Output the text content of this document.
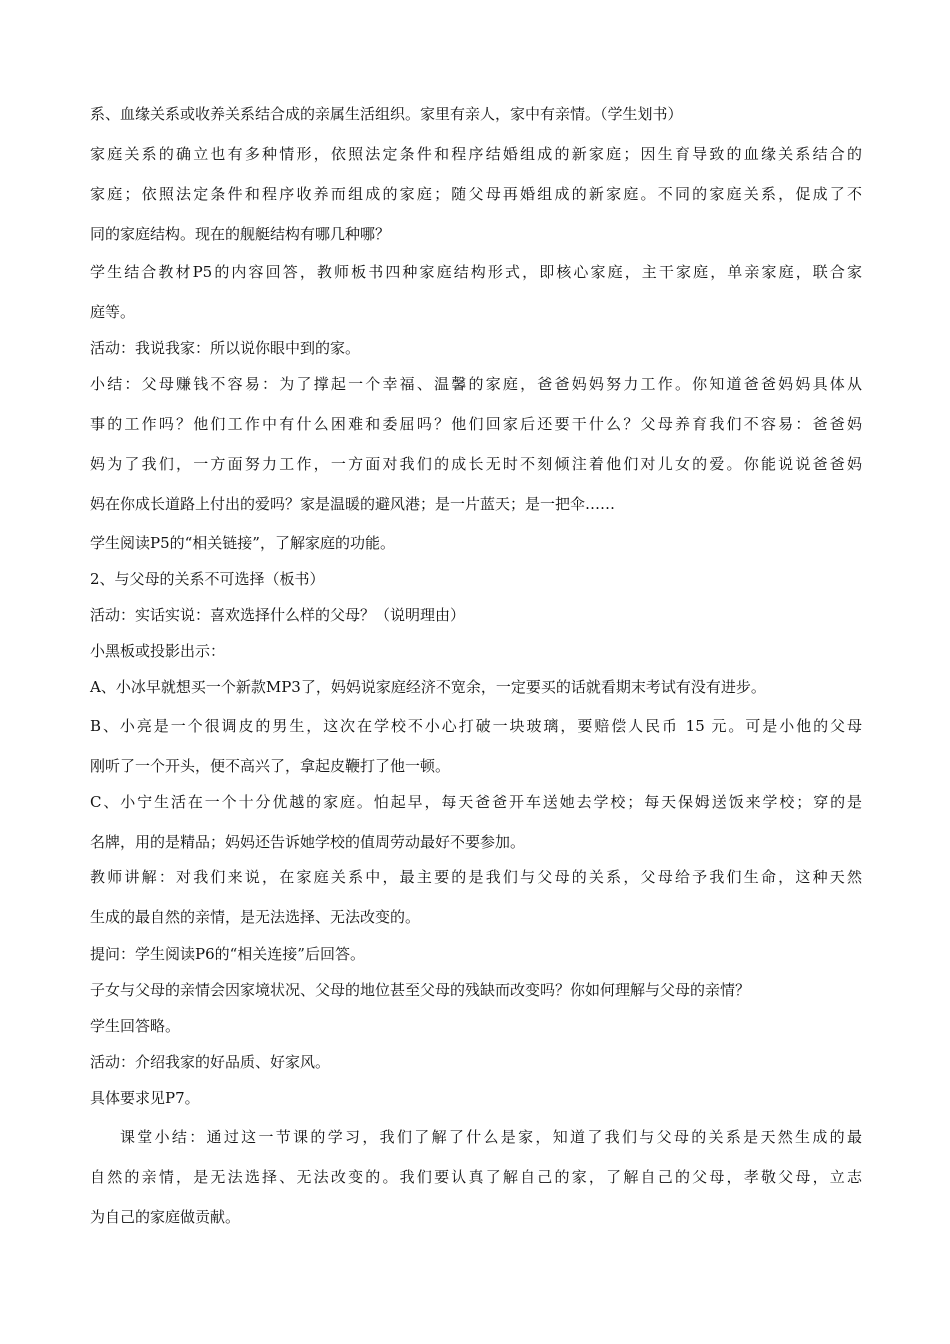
系、血缘关系或收养关系结合成的亲属生活组织。家里有亲人，家中有亲情。（学生划书）
家庭关系的确立也有多种情形，依照法定条件和程序结婚组成的新家庭；因生育导致的血缘关系结合的
家庭；依照法定条件和程序收养而组成的家庭；随父母再婚组成的新家庭。不同的家庭关系，促成了不
同的家庭结构。现在的舰艇结构有哪几种哪？
学生结合教材P5的内容回答，教师板书四种家庭结构形式，即核心家庭，主干家庭，单亲家庭，联合家
庭等。
活动：我说我家：所以说你眼中到的家。
小结：父母赚钱不容易：为了撑起一个幸福、温馨的家庭，爸爸妈妈努力工作。你知道爸爸妈妈具体从
事的工作吗？他们工作中有什么困难和委屈吗？他们回家后还要干什么？父母养育我们不容易：爸爸妈
妈为了我们，一方面努力工作，一方面对我们的成长无时不刻倾注着他们对儿女的爱。你能说说爸爸妈
妈在你成长道路上付出的爱吗？家是温暖的避风港；是一片蓝天；是一把伞……
学生阅读P5的“相关链接”，了解家庭的功能。
2、与父母的关系不可选择（板书）
活动：实话实说：喜欢选择什么样的父母？（说明理由）
小黑板或投影出示：
A、小冰早就想买一个新款MP3了，妈妈说家庭经济不宽余，一定要买的话就看期末考试有没有进步。
B、小亮是一个很调皮的男生，这次在学校不小心打破一块玻璃，要赔偿人民币 15 元。可是小他的父母
刚听了一个开头，便不高兴了，拿起皮鞭打了他一顿。
C、小宁生活在一个十分优越的家庭。怕起早，每天爸爸开车送她去学校；每天保姆送饭来学校；穿的是
名牌，用的是精品；妈妈还告诉她学校的值周劳动最好不要参加。
教师讲解：对我们来说，在家庭关系中，最主要的是我们与父母的关系，父母给予我们生命，这种天然
生成的最自然的亲情，是无法选择、无法改变的。
提问：学生阅读P6的“相关连接”后回答。
子女与父母的亲情会因家境状况、父母的地位甚至父母的残缺而改变吗？你如何理解与父母的亲情？
学生回答略。
活动：介绍我家的好品质、好家风。
具体要求见P7。
课堂小结：通过这一节课的学习，我们了解了什么是家，知道了我们与父母的关系是天然生成的最
自然的亲情，是无法选择、无法改变的。我们要认真了解自己的家，了解自己的父母，孝敬父母，立志
为自己的家庭做贡献。
